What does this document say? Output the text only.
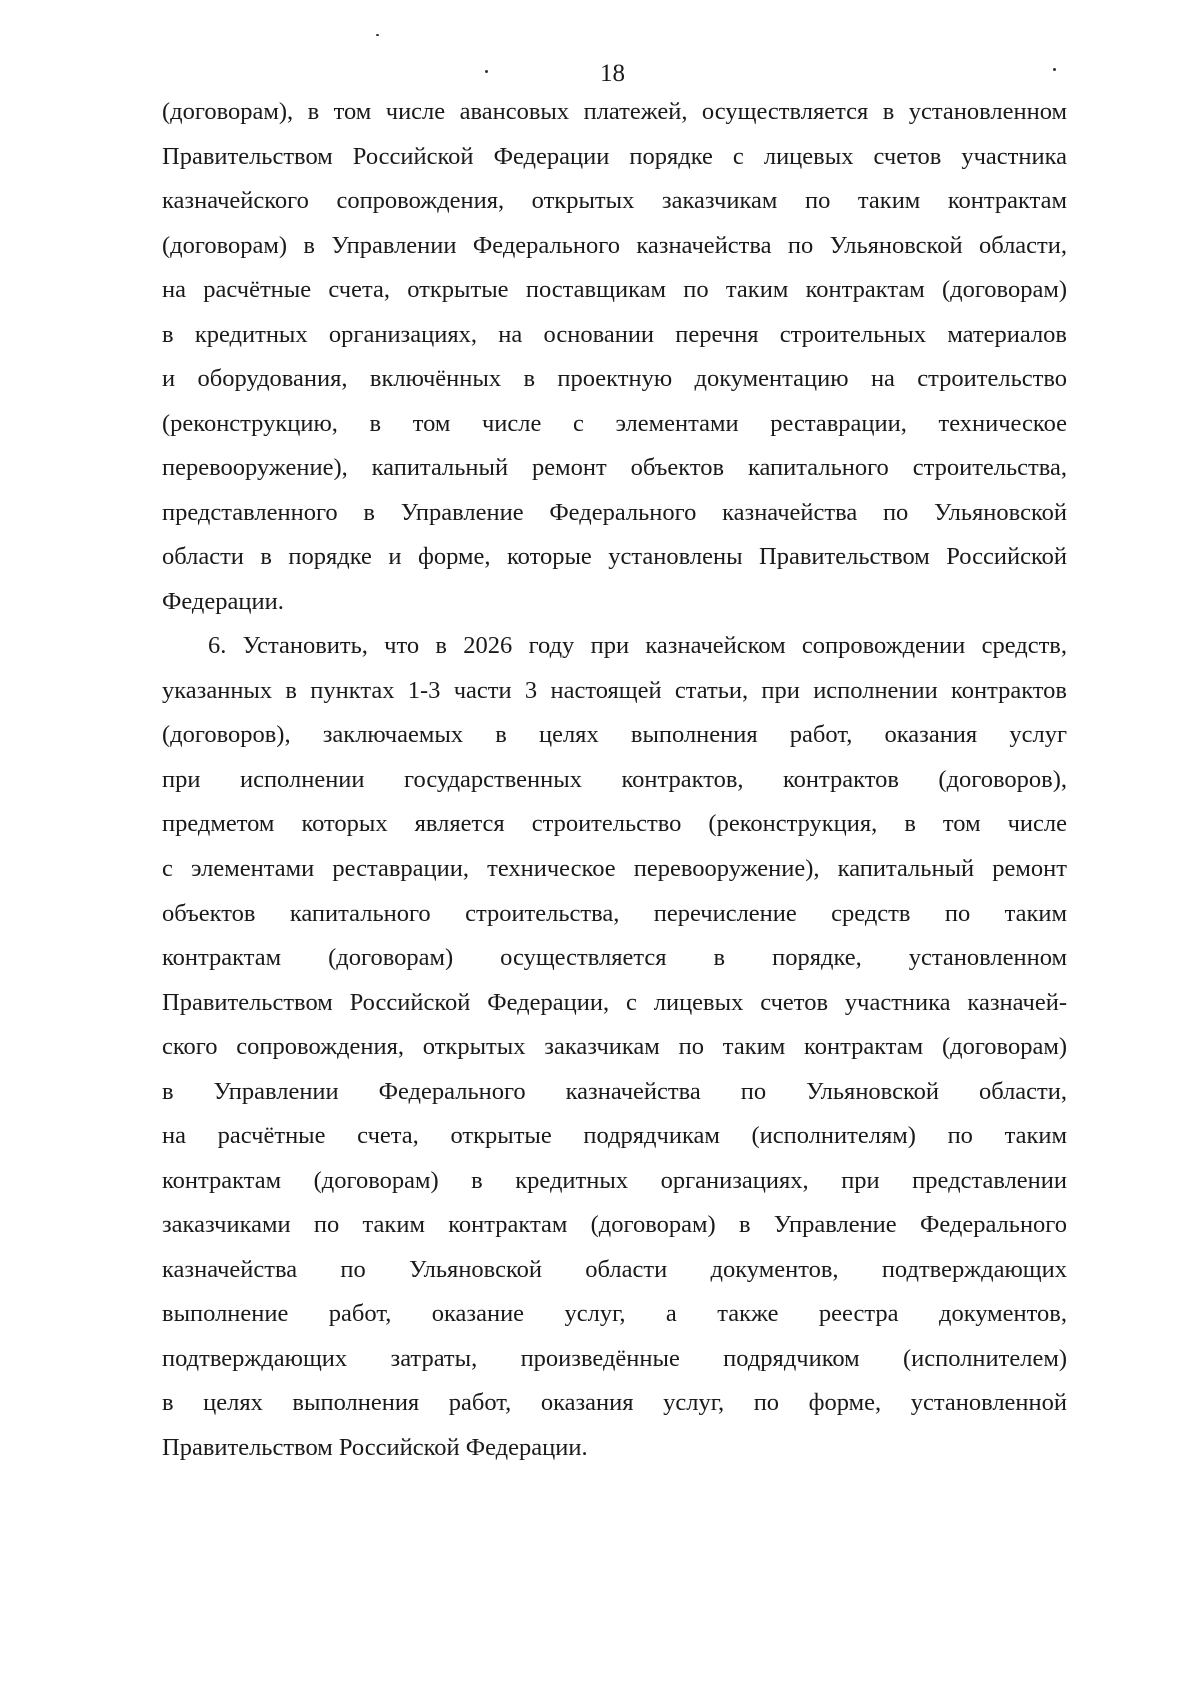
18
(договорам), в том числе авансовых платежей, осуществляется в установленном
Правительством Российской Федерации порядке с лицевых счетов участника
казначейского сопровождения, открытых заказчикам по таким контрактам
(договорам) в Управлении Федерального казначейства по Ульяновской области,
на расчётные счета, открытые поставщикам по таким контрактам (договорам)
в кредитных организациях, на основании перечня строительных материалов
и оборудования, включённых в проектную документацию на строительство
(реконструкцию, в том числе с элементами реставрации, техническое
перевооружение), капитальный ремонт объектов капитального строительства,
представленного в Управление Федерального казначейства по Ульяновской
области в порядке и форме, которые установлены Правительством Российской
Федерации.
6. Установить, что в 2026 году при казначейском сопровождении средств,
указанных в пунктах 1-3 части 3 настоящей статьи, при исполнении контрактов
(договоров), заключаемых в целях выполнения работ, оказания услуг
при исполнении государственных контрактов, контрактов (договоров),
предметом которых является строительство (реконструкция, в том числе
с элементами реставрации, техническое перевооружение), капитальный ремонт
объектов капитального строительства, перечисление средств по таким
контрактам (договорам) осуществляется в порядке, установленном
Правительством Российской Федерации, с лицевых счетов участника казначей-
ского сопровождения, открытых заказчикам по таким контрактам (договорам)
в Управлении Федерального казначейства по Ульяновской области,
на расчётные счета, открытые подрядчикам (исполнителям) по таким
контрактам (договорам) в кредитных организациях, при представлении
заказчиками по таким контрактам (договорам) в Управление Федерального
казначейства по Ульяновской области документов, подтверждающих
выполнение работ, оказание услуг, а также реестра документов,
подтверждающих затраты, произведённые подрядчиком (исполнителем)
в целях выполнения работ, оказания услуг, по форме, установленной
Правительством Российской Федерации.
